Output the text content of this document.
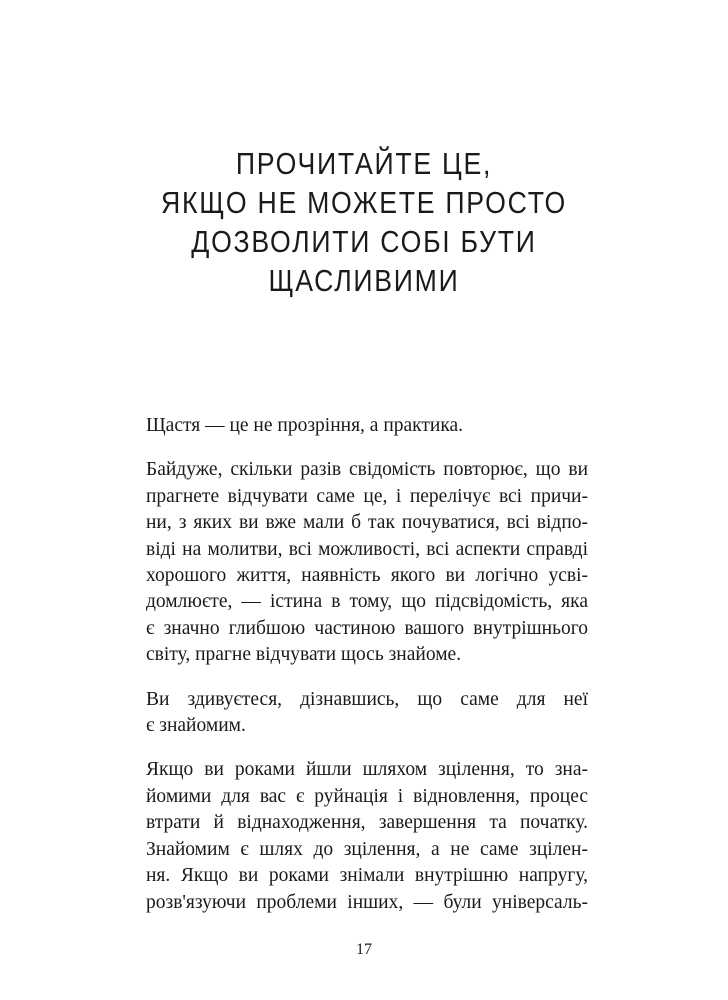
ПРОЧИТАЙТЕ ЦЕ,
ЯКЩО НЕ МОЖЕТЕ ПРОСТО
ДОЗВОЛИТИ СОБІ БУТИ
ЩАСЛИВИМИ

Щастя — це не прозріння, а практика.

Байдуже, скільки разів свідомість повторює, що ви
прагнете відчувати саме це, і перелічує всі причи-
ни, з яких ви вже мали б так почуватися, всі відпо-
віді на молитви, всі можливості, всі аспекти справді
хорошого життя, наявність якого ви логічно усві-
домлюєте, — істина в тому, що підсвідомість, яка
є значно глибшою частиною вашого внутрішнього
світу, прагне відчувати щось знайоме.

Ви здивуєтеся, дізнавшись, що саме для неї
є знайомим.

Якщо ви роками йшли шляхом зцілення, то зна-
йомими для вас є руйнація і відновлення, процес
втрати й віднаходження, завершення та початку.
Знайомим є шлях до зцілення, а не саме зцілен-
ня. Якщо ви роками знімали внутрішню напругу,
розв'язуючи проблеми інших, — були універсаль-

17
